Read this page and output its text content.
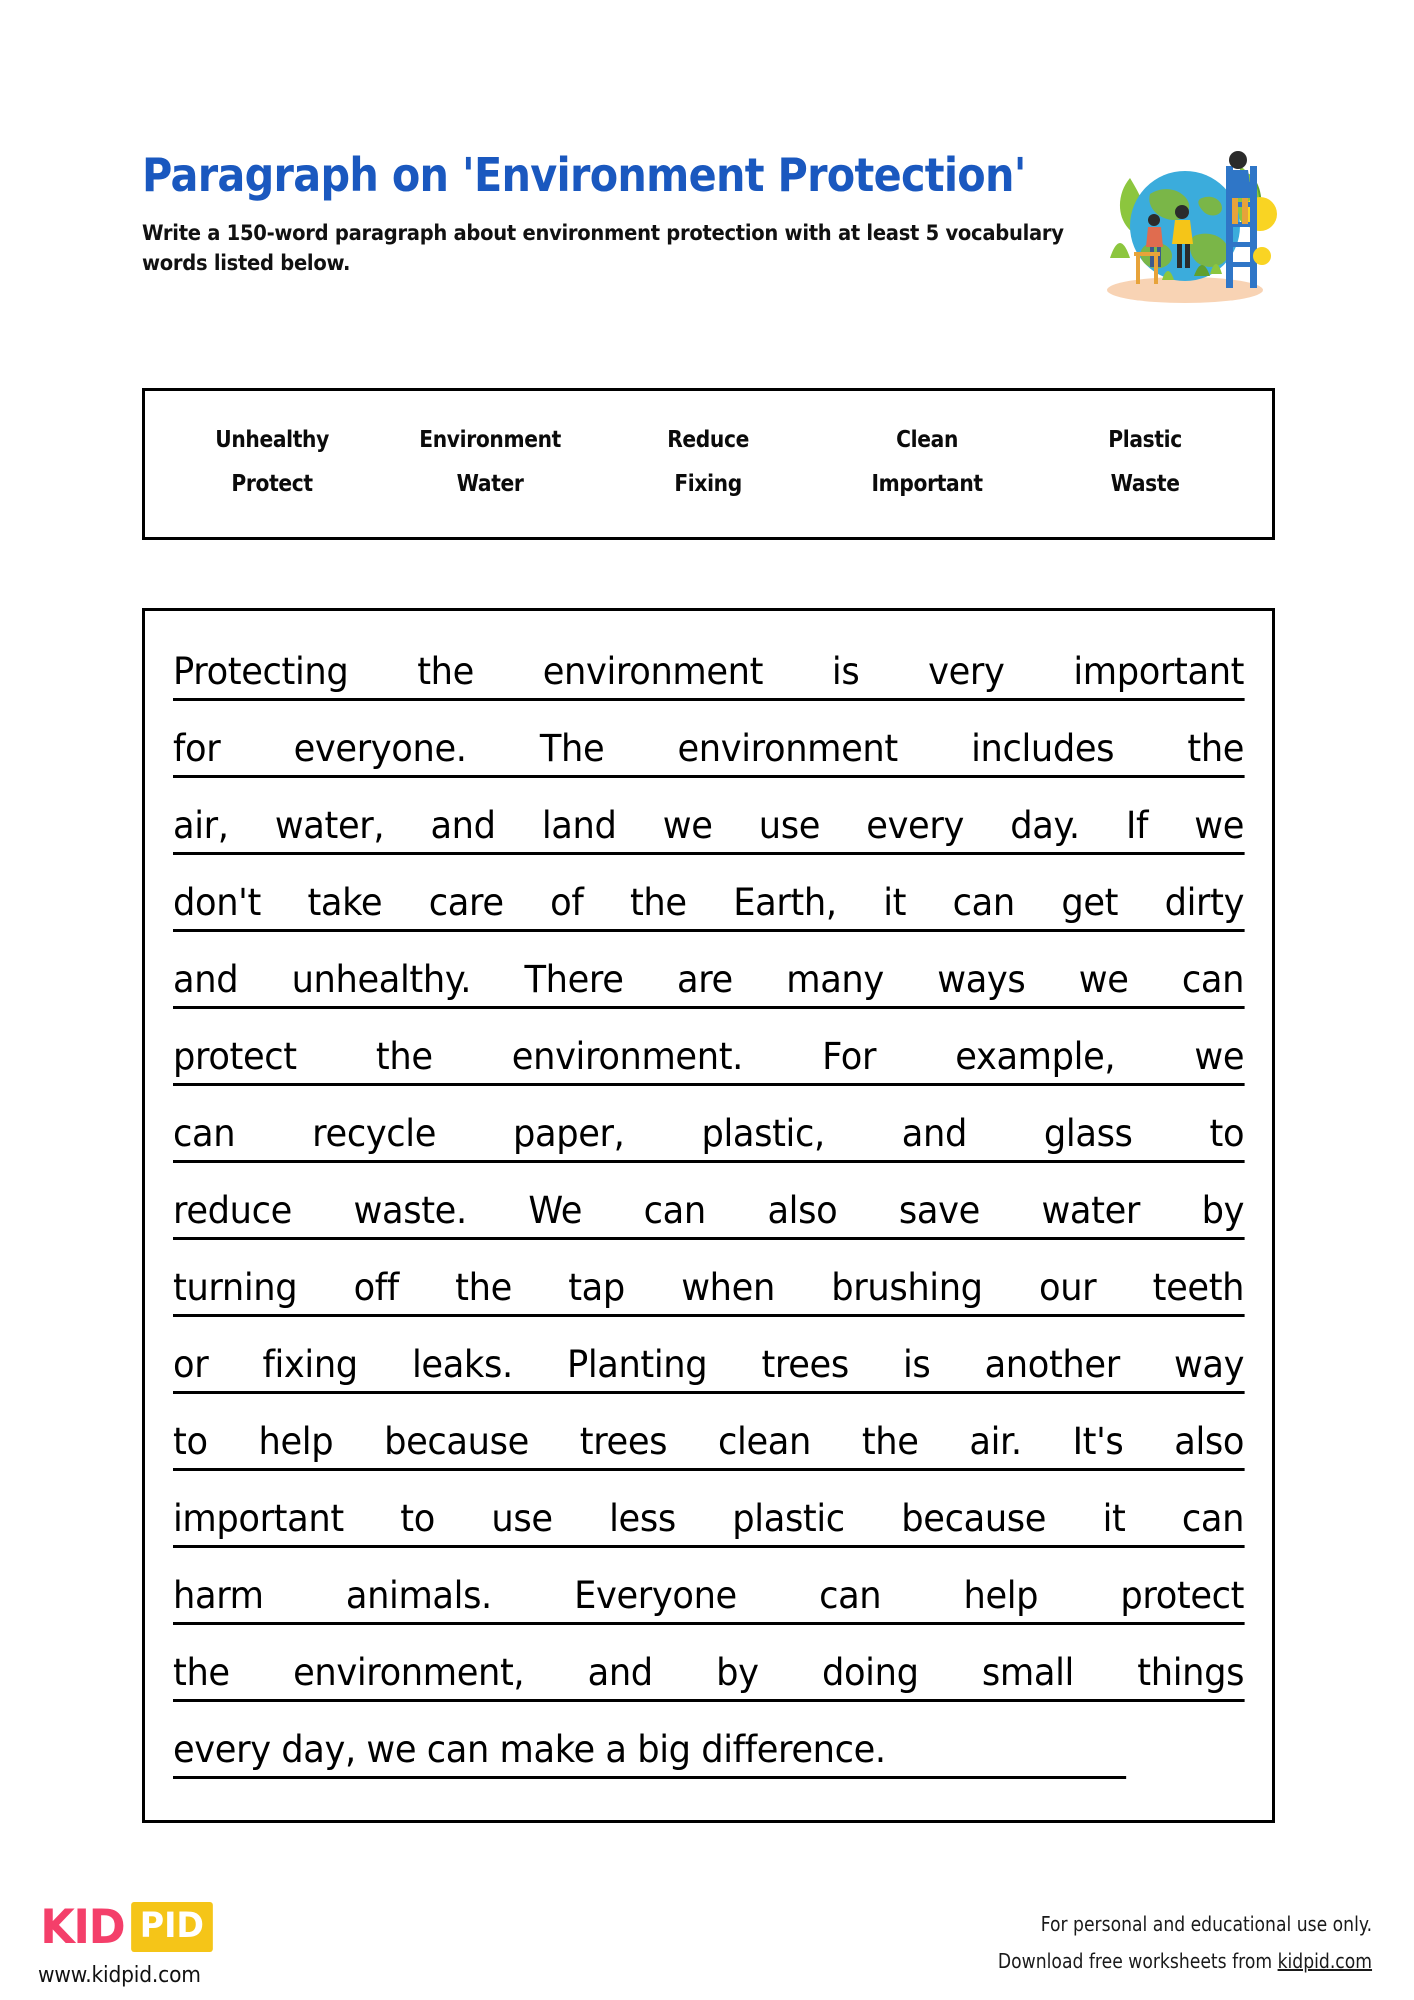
Paragraph on 'Environment Protection'
Write a 150-word paragraph about environment protection with at least 5 vocabulary words listed below.
Unhealthy	Environment	Reduce	Clean	Plastic
Protect	Water	Fixing	Important	Waste
Protecting the environment is very important
for everyone. The environment includes the
air, water, and land we use every day. If we
don't take care of the Earth, it can get dirty
and unhealthy. There are many ways we can
protect the environment. For example, we
can recycle paper, plastic, and glass to
reduce waste. We can also save water by
turning off the tap when brushing our teeth
or fixing leaks. Planting trees is another way
to help because trees clean the air. It's also
important to use less plastic because it can
harm animals. Everyone can help protect
the environment, and by doing small things
every day, we can make a big difference.
KID PID
www.kidpid.com
For personal and educational use only.
Download free worksheets from kidpid.com
